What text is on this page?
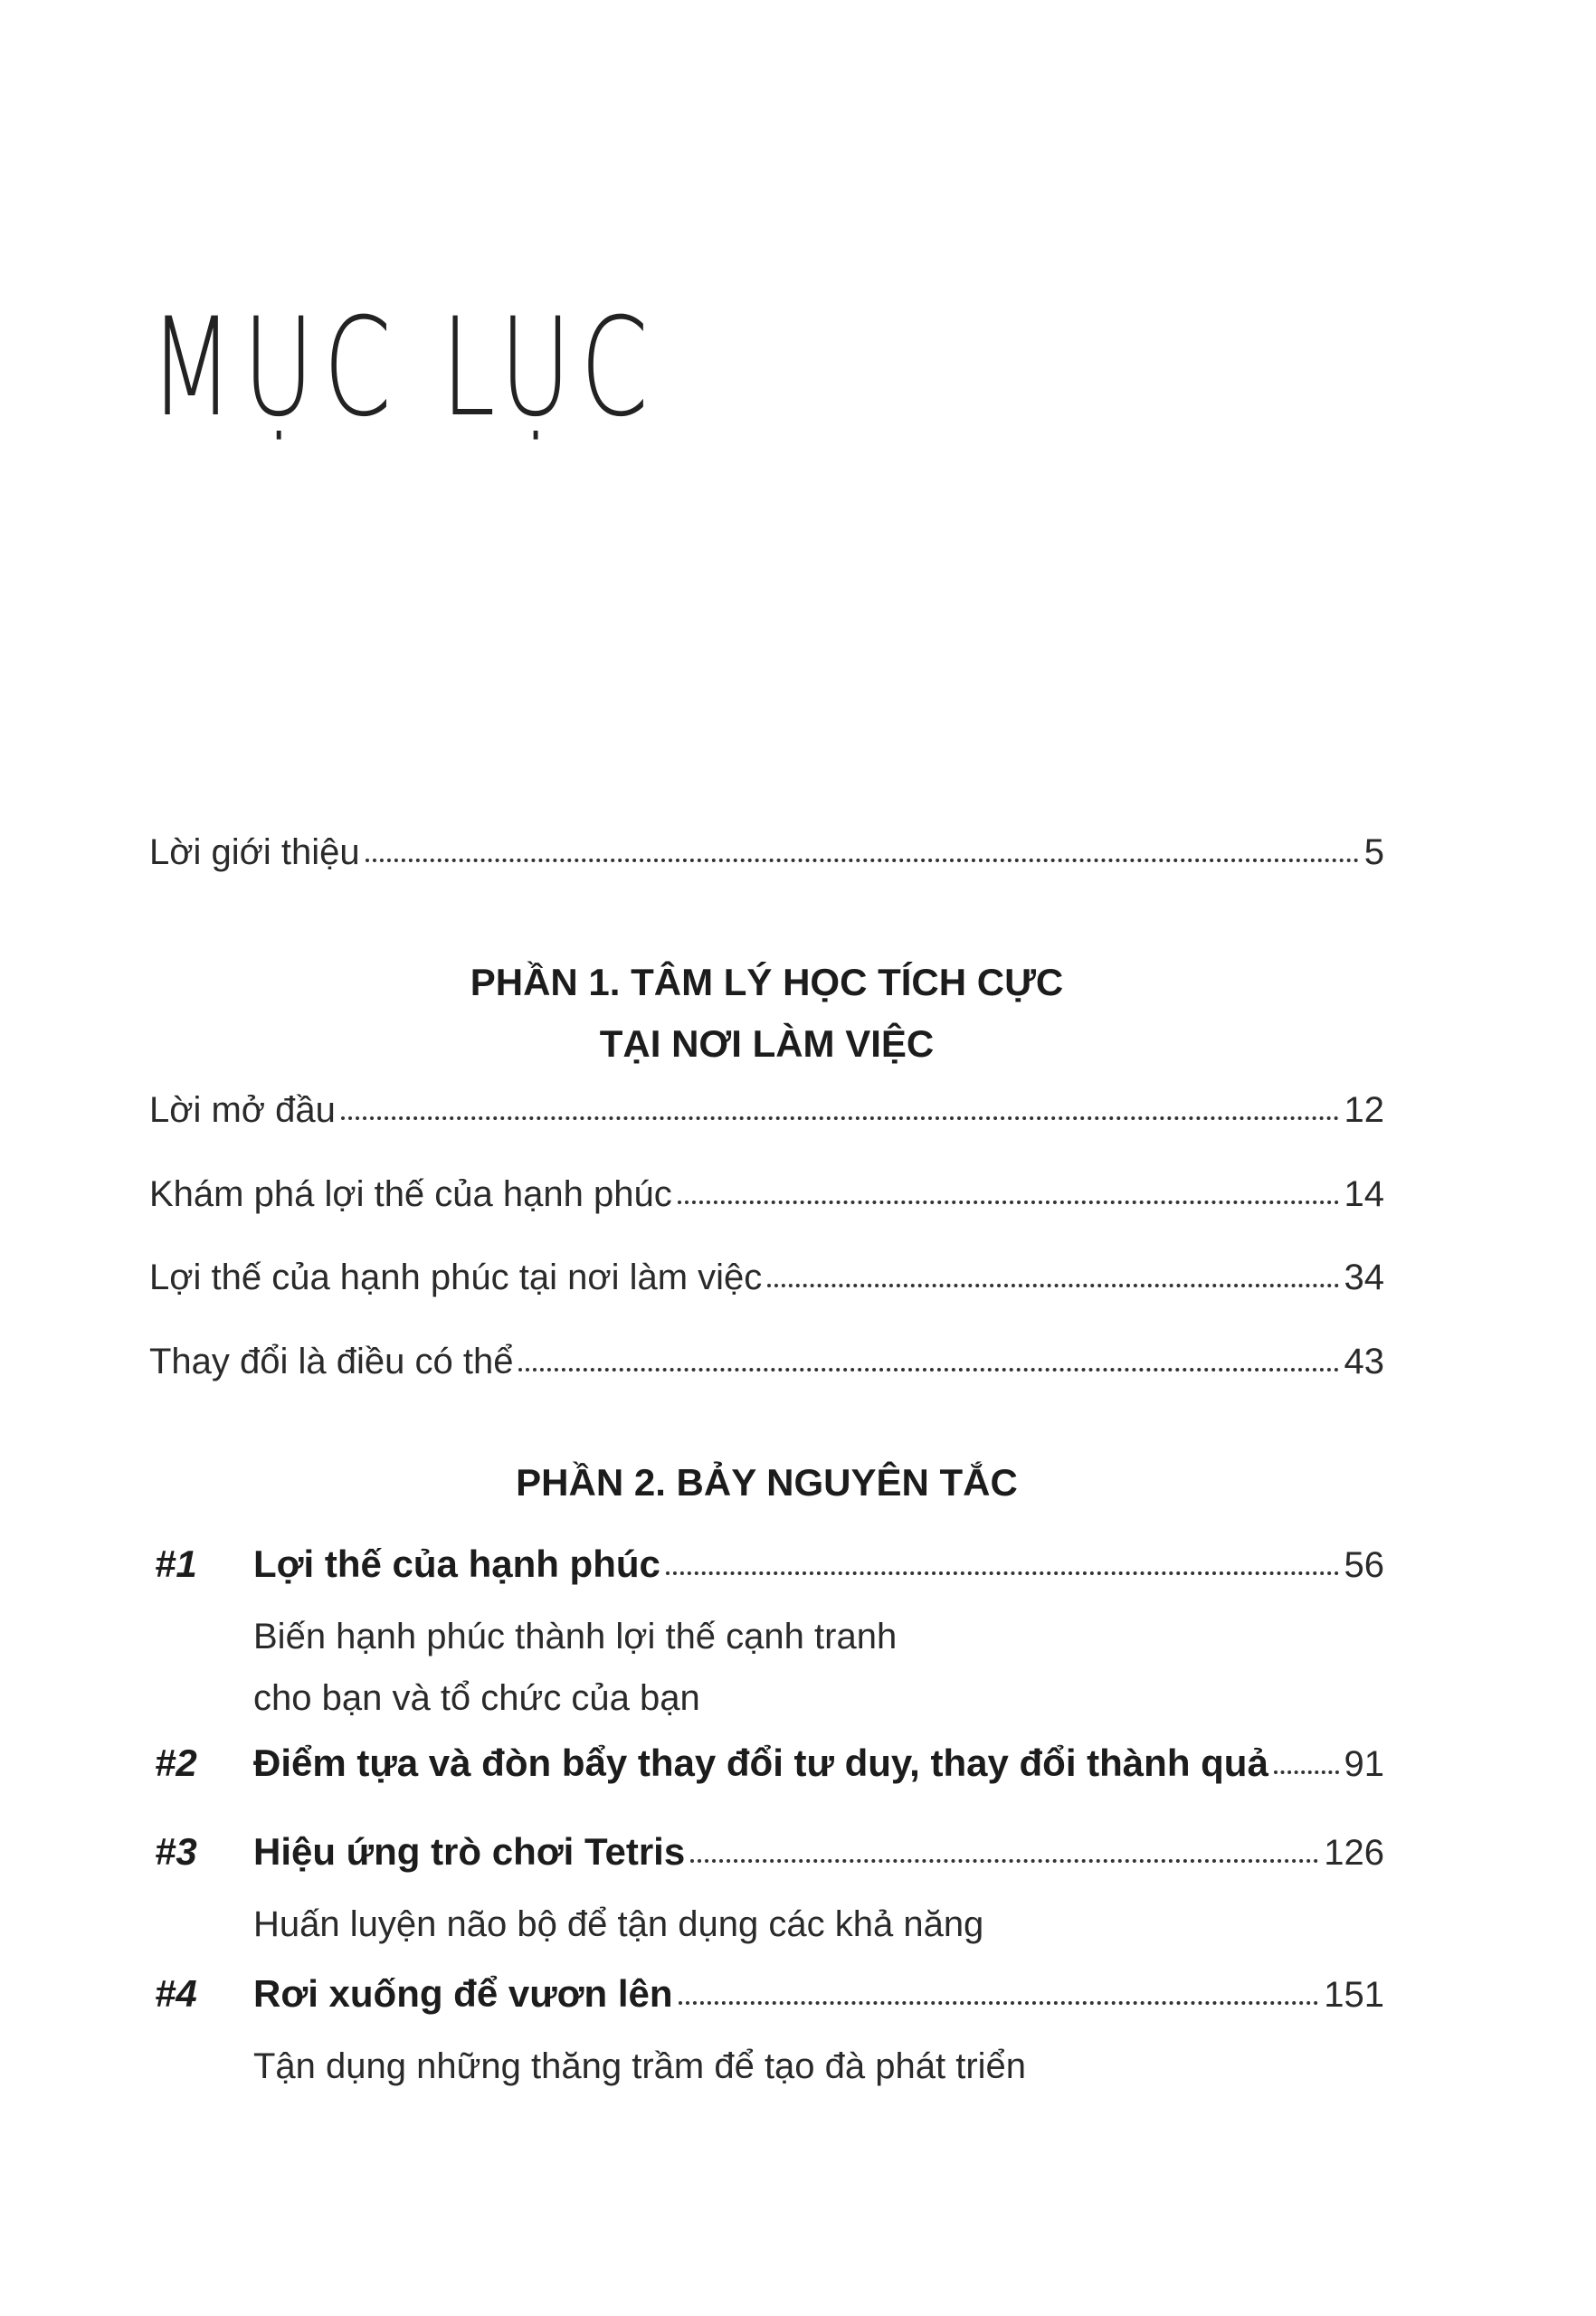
MỤC LỤC
Lời giới thiệu	5
PHẦN 1. TÂM LÝ HỌC TÍCH CỰC
TẠI NƠI LÀM VIỆC
Lời mở đầu	12
Khám phá lợi thế của hạnh phúc	14
Lợi thế của hạnh phúc tại nơi làm việc	34
Thay đổi là điều có thể	43
PHẦN 2. BẢY NGUYÊN TẮC
#1 Lợi thế của hạnh phúc	56
Biến hạnh phúc thành lợi thế cạnh tranh
cho bạn và tổ chức của bạn
#2 Điểm tựa và đòn bẩy thay đổi tư duy, thay đổi thành quả 91
#3 Hiệu ứng trò chơi Tetris	126
Huấn luyện não bộ để tận dụng các khả năng
#4 Rơi xuống để vươn lên	151
Tận dụng những thăng trầm để tạo đà phát triển
